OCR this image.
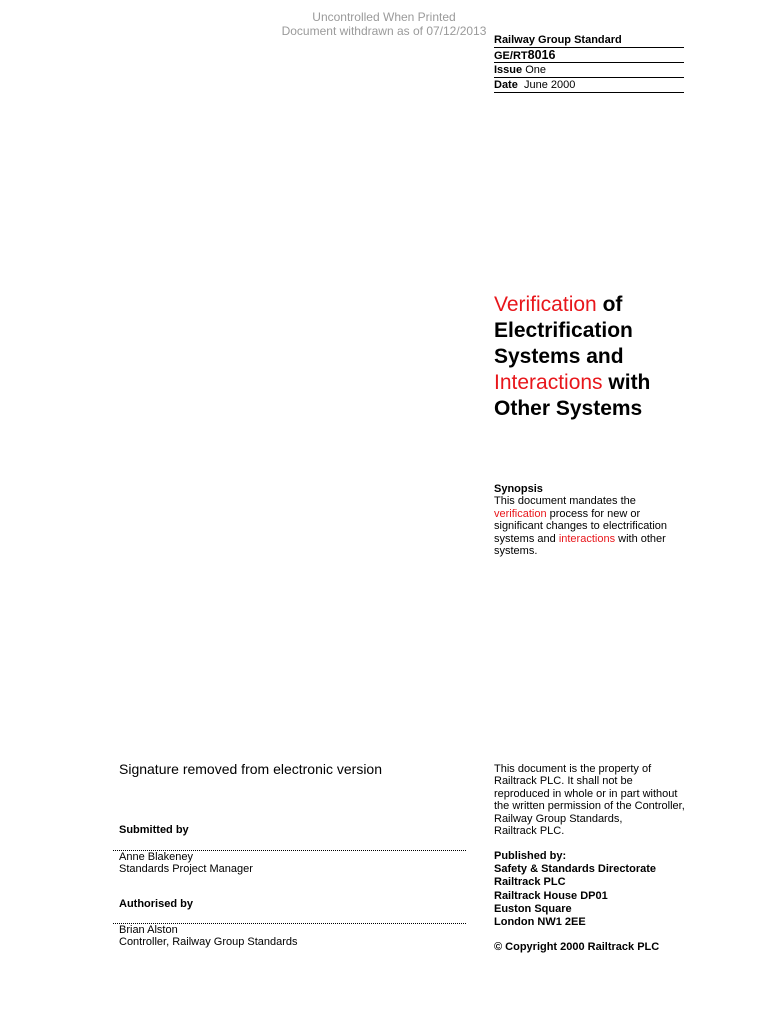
Uncontrolled When Printed
Document withdrawn as of 07/12/2013
Railway Group Standard
GE/RT8016
Issue One
Date June 2000
Verification of
Electrification
Systems and
Interactions with
Other Systems
Synopsis
This document mandates the
verification process for new or
significant changes to electrification
systems and interactions with other
systems.
Signature removed from electronic version
Submitted by
Anne Blakeney
Standards Project Manager
Authorised by
Brian Alston
Controller, Railway Group Standards
This document is the property of
Railtrack PLC. It shall not be
reproduced in whole or in part without
the written permission of the Controller,
Railway Group Standards,
Railtrack PLC.
Published by:
Safety & Standards Directorate
Railtrack PLC
Railtrack House DP01
Euston Square
London NW1 2EE
© Copyright 2000 Railtrack PLC
